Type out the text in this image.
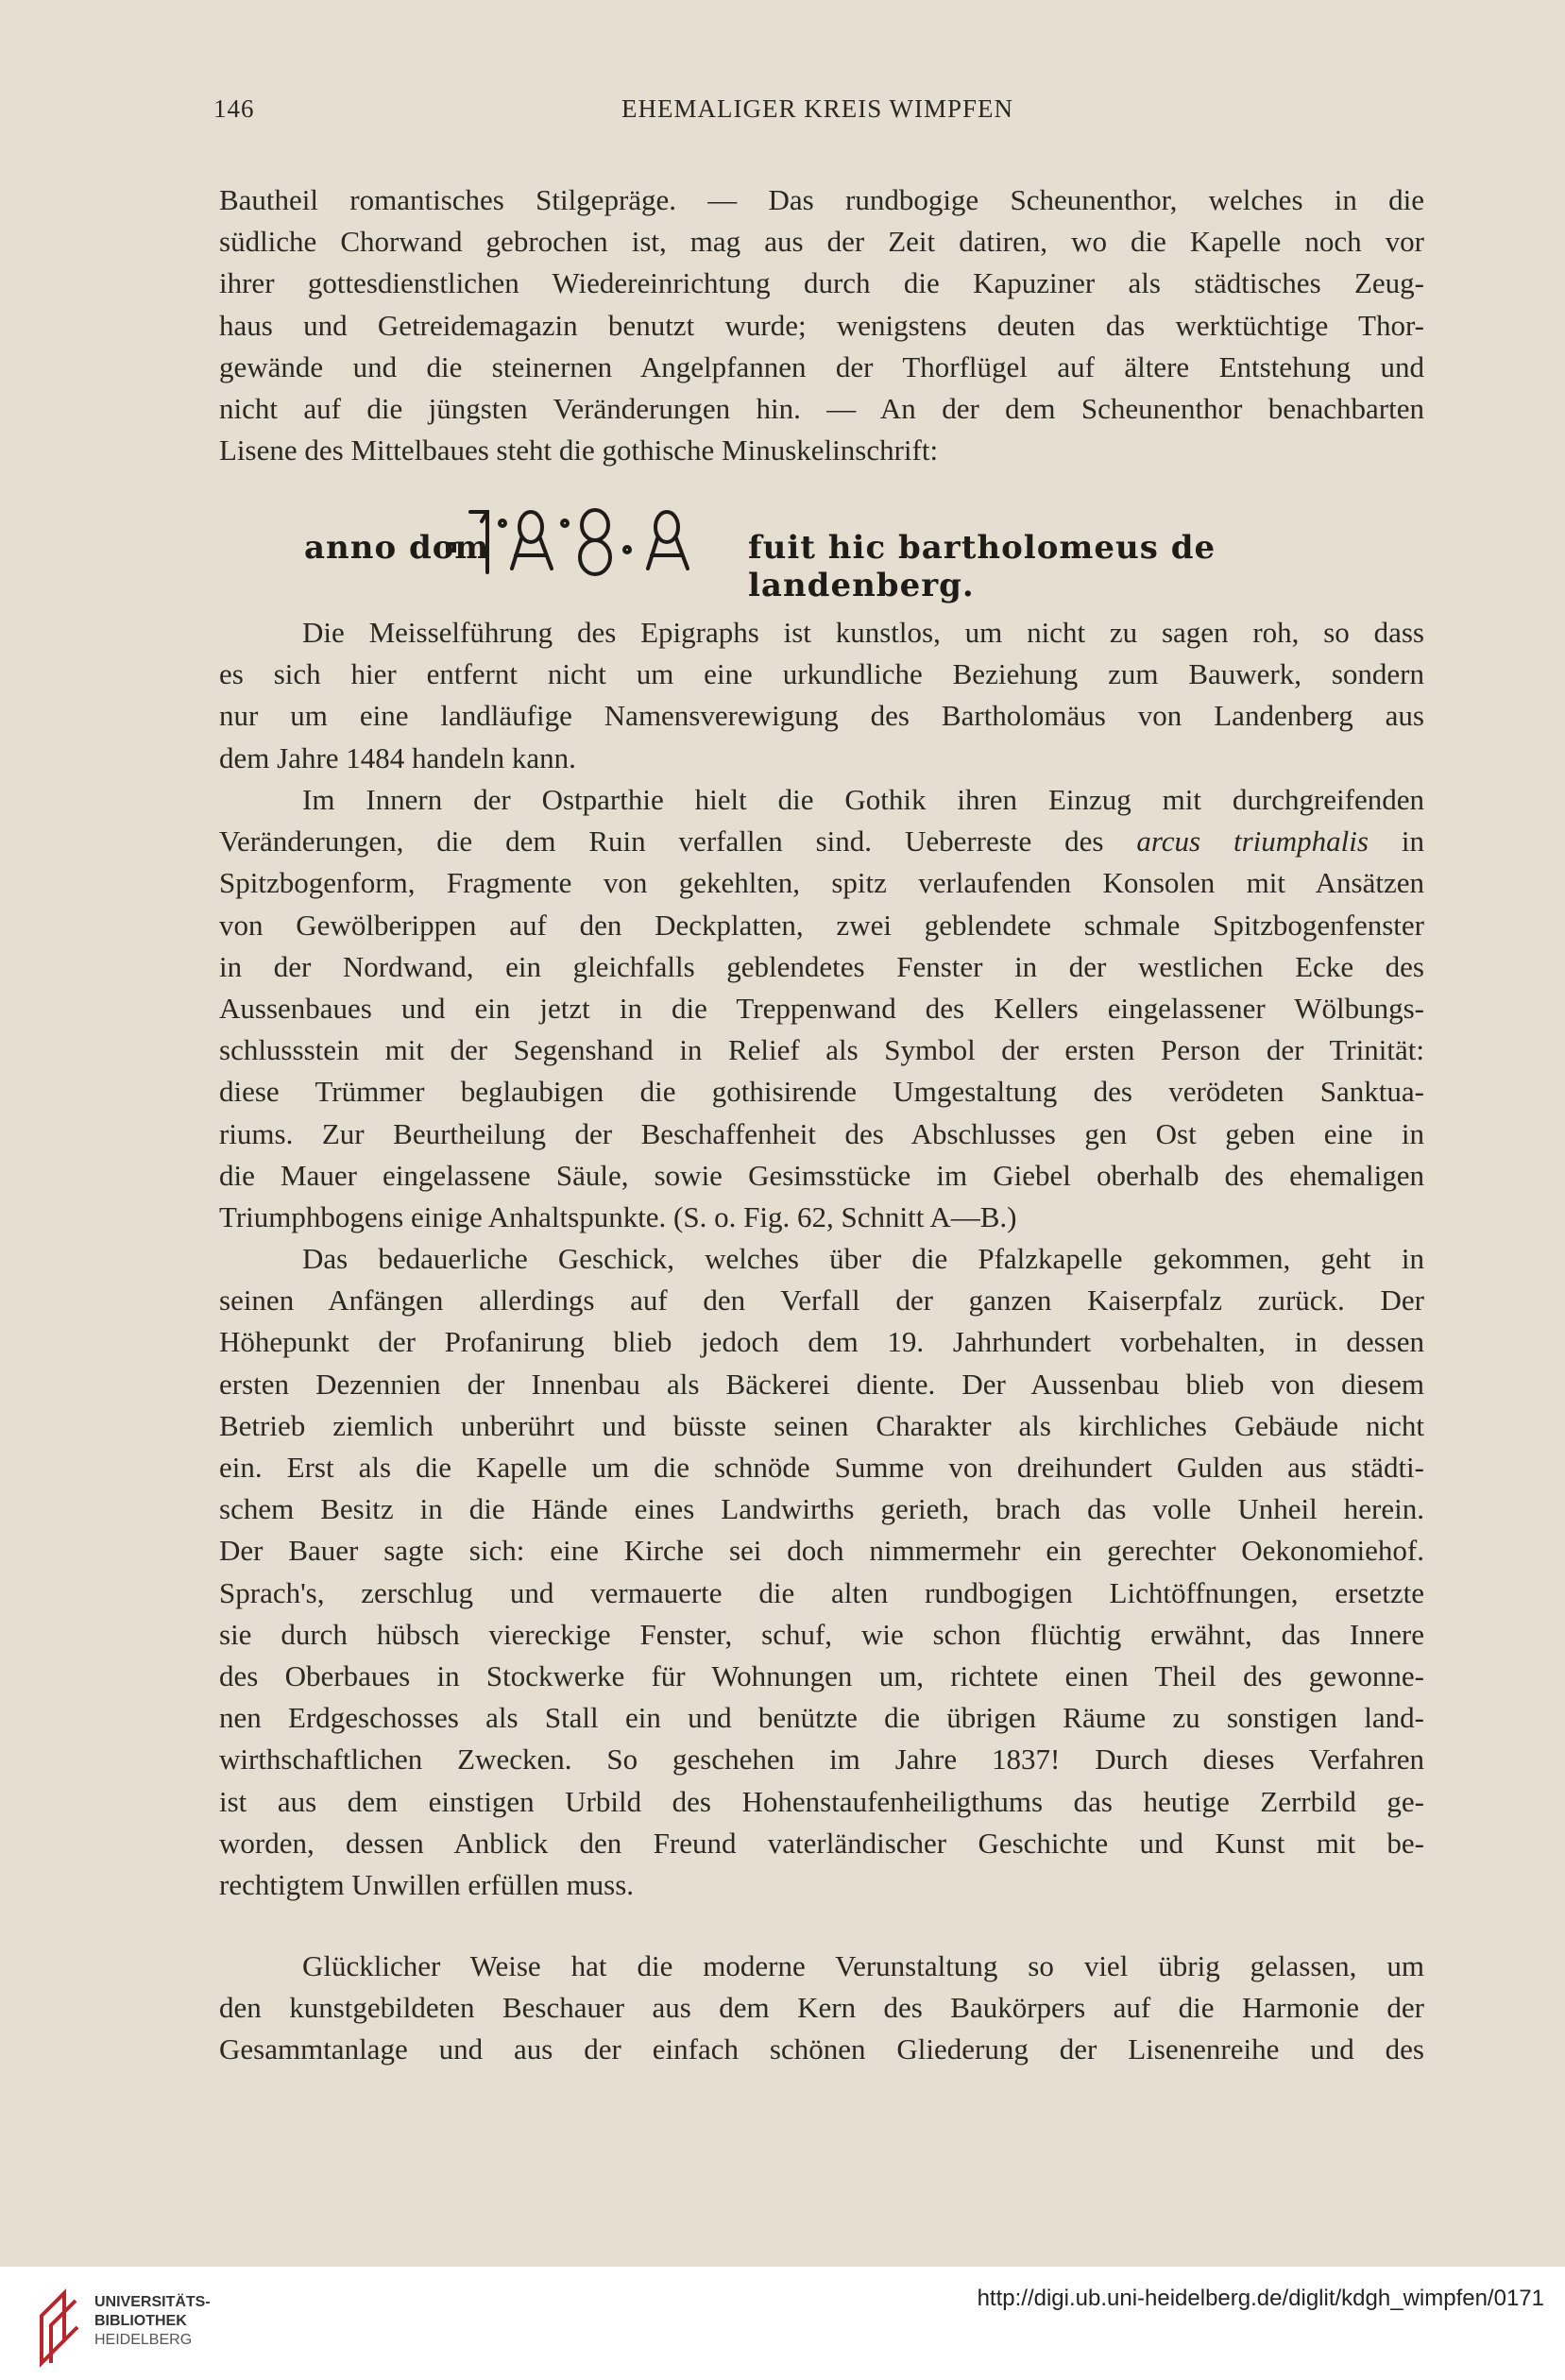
146	EHEMALIGER KREIS WIMPFEN
Bautheil romantisches Stilgepräge. — Das rundbogige Scheunenthor, welches in die
südliche Chorwand gebrochen ist, mag aus der Zeit datiren, wo die Kapelle noch vor
ihrer gottesdienstlichen Wiedereinrichtung durch die Kapuziner als städtisches Zeug-
haus und Getreidemagazin benutzt wurde; wenigstens deuten das werktüchtige Thor-
gewände und die steinernen Angelpfannen der Thorflügel auf ältere Entstehung und
nicht auf die jüngsten Veränderungen hin. — An der dem Scheunenthor benachbarten
Lisene des Mittelbaues steht die gothische Minuskelinschrift:
anno dom	fuit hic bartholomeus de landenberg.
Die Meisselführung des Epigraphs ist kunstlos, um nicht zu sagen roh, so dass
es sich hier entfernt nicht um eine urkundliche Beziehung zum Bauwerk, sondern
nur um eine landläufige Namensverewigung des Bartholomäus von Landenberg aus
dem Jahre 1484 handeln kann.
Im Innern der Ostparthie hielt die Gothik ihren Einzug mit durchgreifenden
Veränderungen, die dem Ruin verfallen sind. Ueberreste des arcus triumphalis in
Spitzbogenform, Fragmente von gekehlten, spitz verlaufenden Konsolen mit Ansätzen
von Gewölberippen auf den Deckplatten, zwei geblendete schmale Spitzbogenfenster
in der Nordwand, ein gleichfalls geblendetes Fenster in der westlichen Ecke des
Aussenbaues und ein jetzt in die Treppenwand des Kellers eingelassener Wölbungs-
schlussstein mit der Segenshand in Relief als Symbol der ersten Person der Trinität:
diese Trümmer beglaubigen die gothisirende Umgestaltung des verödeten Sanktua-
riums. Zur Beurtheilung der Beschaffenheit des Abschlusses gen Ost geben eine in
die Mauer eingelassene Säule, sowie Gesimsstücke im Giebel oberhalb des ehemaligen
Triumphbogens einige Anhaltspunkte. (S. o. Fig. 62, Schnitt A—B.)
Das bedauerliche Geschick, welches über die Pfalzkapelle gekommen, geht in
seinen Anfängen allerdings auf den Verfall der ganzen Kaiserpfalz zurück. Der
Höhepunkt der Profanirung blieb jedoch dem 19. Jahrhundert vorbehalten, in dessen
ersten Dezennien der Innenbau als Bäckerei diente. Der Aussenbau blieb von diesem
Betrieb ziemlich unberührt und büsste seinen Charakter als kirchliches Gebäude nicht
ein. Erst als die Kapelle um die schnöde Summe von dreihundert Gulden aus städti-
schem Besitz in die Hände eines Landwirths gerieth, brach das volle Unheil herein.
Der Bauer sagte sich: eine Kirche sei doch nimmermehr ein gerechter Oekonomiehof.
Sprach's, zerschlug und vermauerte die alten rundbogigen Lichtöffnungen, ersetzte
sie durch hübsch viereckige Fenster, schuf, wie schon flüchtig erwähnt, das Innere
des Oberbaues in Stockwerke für Wohnungen um, richtete einen Theil des gewonne-
nen Erdgeschosses als Stall ein und benützte die übrigen Räume zu sonstigen land-
wirthschaftlichen Zwecken. So geschehen im Jahre 1837! Durch dieses Verfahren
ist aus dem einstigen Urbild des Hohenstaufenheiligthums das heutige Zerrbild ge-
worden, dessen Anblick den Freund vaterländischer Geschichte und Kunst mit be-
rechtigtem Unwillen erfüllen muss.
Glücklicher Weise hat die moderne Verunstaltung so viel übrig gelassen, um
den kunstgebildeten Beschauer aus dem Kern des Baukörpers auf die Harmonie der
Gesammtanlage und aus der einfach schönen Gliederung der Lisenenreihe und des
UNIVERSITÄTS-
BIBLIOTHEK
HEIDELBERG
http://digi.ub.uni-heidelberg.de/diglit/kdgh_wimpfen/0171
